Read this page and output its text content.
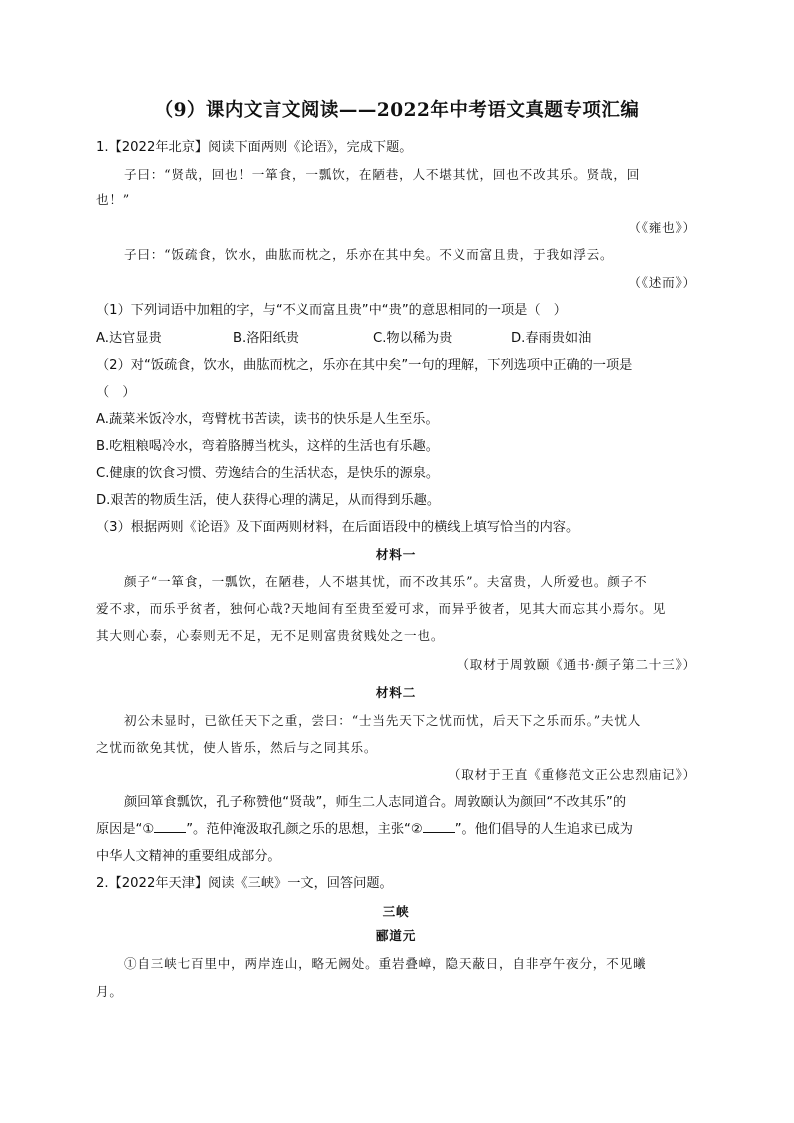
（9）课内文言文阅读——2022年中考语文真题专项汇编
1.【2022年北京】阅读下面两则《论语》，完成下题。
子曰：“贤哉，回也！一箪食，一瓢饮，在陋巷，人不堪其忧，回也不改其乐。贤哉，回
也！”
（《雍也》）
子曰：“饭疏食，饮水，曲肱而枕之，乐亦在其中矣。不义而富且贵，于我如浮云。
（《述而》）
（1）下列词语中加粗的字，与“不义而富且贵”中“贵”的意思相同的一项是（　）
A.达官显贵	B.洛阳纸贵	C.物以稀为贵	D.春雨贵如油
（2）对“饭疏食，饮水，曲肱而枕之，乐亦在其中矣”一句的理解，下列选项中正确的一项是
（　）
A.蔬菜米饭冷水，弯臂枕书苦读，读书的快乐是人生至乐。
B.吃粗粮喝冷水，弯着胳膊当枕头，这样的生活也有乐趣。
C.健康的饮食习惯、劳逸结合的生活状态，是快乐的源泉。
D.艰苦的物质生活，使人获得心理的满足，从而得到乐趣。
（3）根据两则《论语》及下面两则材料，在后面语段中的横线上填写恰当的内容。
材料一
颜子“一箪食，一瓢饮，在陋巷，人不堪其忧，而不改其乐”。夫富贵，人所爱也。颜子不
爱不求，而乐乎贫者，独何心哉?天地间有至贵至爱可求，而异乎彼者，见其大而忘其小焉尔。见
其大则心泰，心泰则无不足，无不足则富贵贫贱处之一也。
（取材于周敦颐《通书·颜子第二十三》）
材料二
初公未显时，已欲任天下之重，尝曰：“士当先天下之忧而忧，后天下之乐而乐。”夫忧人
之忧而欲免其忧，使人皆乐，然后与之同其乐。
（取材于王直《重修范文正公忠烈庙记》）
颜回箪食瓢饮，孔子称赞他“贤哉”，师生二人志同道合。周敦颐认为颜回“不改其乐”的
原因是“① ”。范仲淹汲取孔颜之乐的思想，主张“② ”。他们倡导的人生追求已成为
中华人文精神的重要组成部分。
2.【2022年天津】阅读《三峡》一文，回答问题。
三峡
郦道元
①自三峡七百里中，两岸连山，略无阙处。重岩叠嶂，隐天蔽日，自非亭午夜分，不见曦
月。
